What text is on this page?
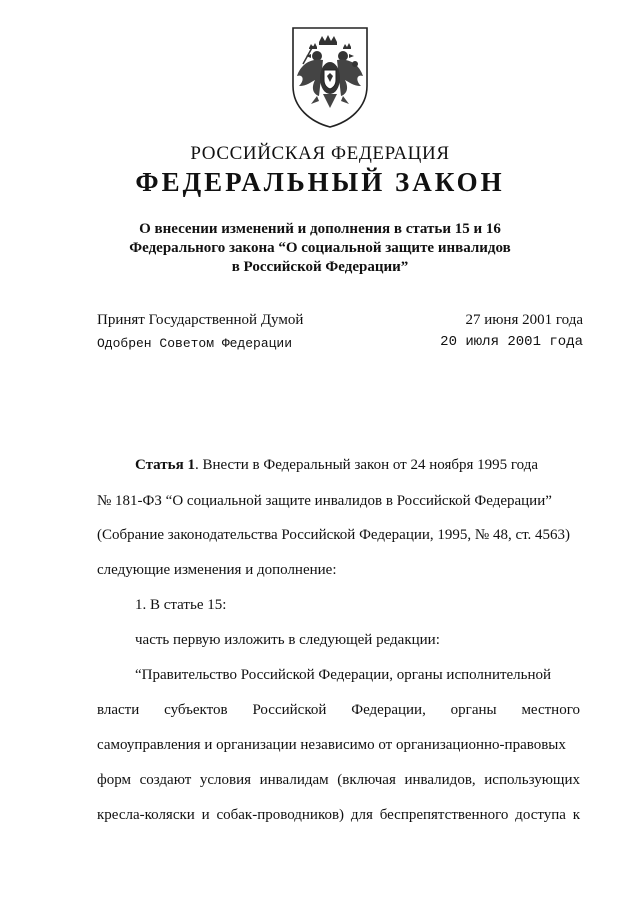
РОССИЙСКАЯ ФЕДЕРАЦИЯ
ФЕДЕРАЛЬНЫЙ ЗАКОН
О внесении изменений и дополнения в статьи 15 и 16
Федерального закона “О социальной защите инвалидов
в Российской Федерации”
Принят Государственной Думой	27 июня 2001 года
Одобрен Советом Федерации	20 июля 2001 года
Статья 1. Внести в Федеральный закон от 24 ноября 1995 года
№ 181-ФЗ “О социальной защите инвалидов в Российской Федерации”
(Собрание законодательства Российской Федерации, 1995, № 48, ст. 4563)
следующие изменения и дополнение:
1. В статье 15:
часть первую изложить в следующей редакции:
“Правительство Российской Федерации, органы исполнительной
власти субъектов Российской Федерации, органы местного
самоуправления и организации независимо от организационно-правовых
форм создают условия инвалидам (включая инвалидов, использующих
кресла-коляски и собак-проводников) для беспрепятственного доступа к
